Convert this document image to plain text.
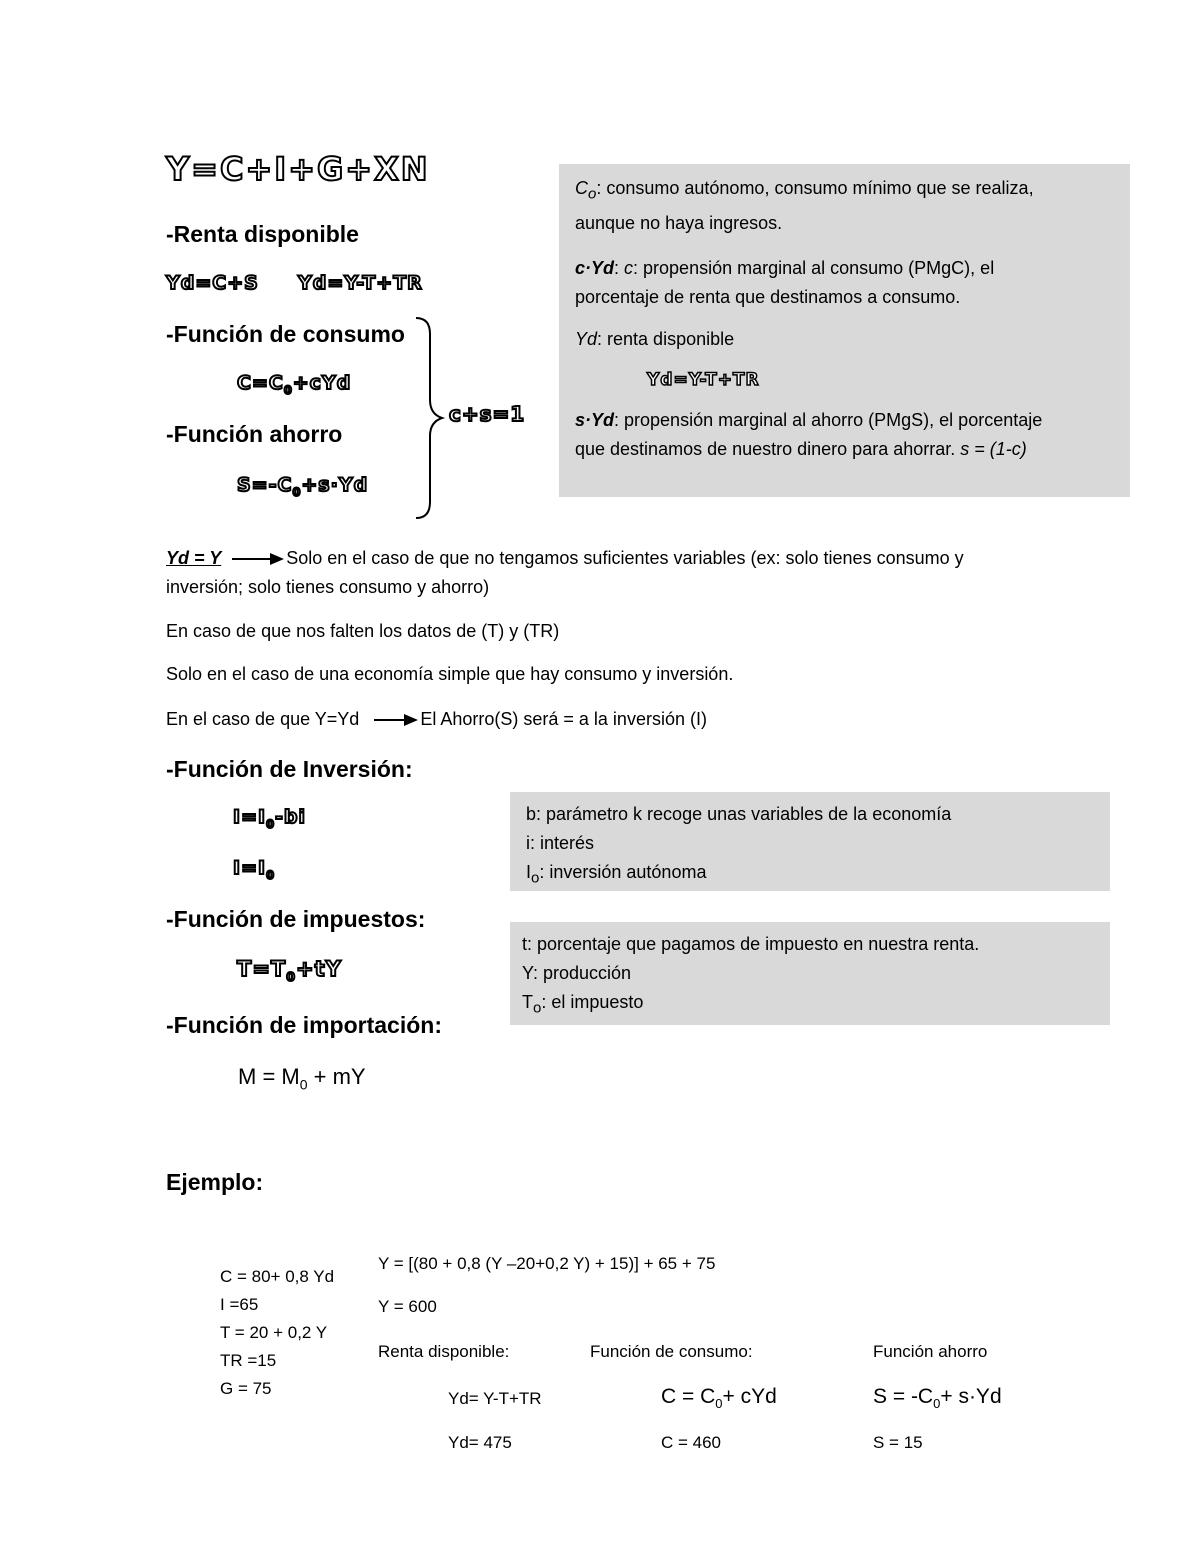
Y=C+I+G+XN
-Renta disponible
Yd=C+S Yd=Y-T+TR
-Función de consumo
$C=C_0+cYd$
-Función ahorro
$S=-C_0+s\cdot Yd$
c+s=1

$C_o$: consumo autónomo, consumo mínimo que se realiza,
aunque no haya ingresos.

c·Yd: c: propensión marginal al consumo (PMgC), el
porcentaje de renta que destinamos a consumo.

Yd: renta disponible

Yd=Y-T+TR

s·Yd: propensión marginal al ahorro (PMgS), el porcentaje
que destinamos de nuestro dinero para ahorrar. s = (1-c)

Yd = Y	Solo en el caso de que no tengamos suficientes variables (ex: solo tienes consumo y
inversión; solo tienes consumo y ahorro)
En caso de que nos falten los datos de (T) y (TR)
Solo en el caso de una economía simple que hay consumo y inversión.
En el caso de que Y=Yd	El Ahorro(S) será = a la inversión (I)
-Función de Inversión:
$I=I_0-bi$
$I=I_0$

b: parámetro k recoge unas variables de la economía

i: interés

$I_o$: inversión autónoma

-Función de impuestos:
$T=T_0+tY$

t: porcentaje que pagamos de impuesto en nuestra renta.

Y: producción

$T_o$: el impuesto

-Función de importación:
$M = M_0$ + mY
Ejemplo:
C = 80+ 0,8 Yd
I =65
T = 20 + 0,2 Y
TR =15
G = 75
Y = [(80 + 0,8 (Y –20+0,2 Y) + 15)] + 65 + 75
Y = 600
Renta disponible:	Función de consumo:	Función ahorro
Yd= Y-T+TR	$C = C_0+$ cYd	$S = -C_0+ s\cdot Yd$
Yd= 475	C = 460	S = 15
